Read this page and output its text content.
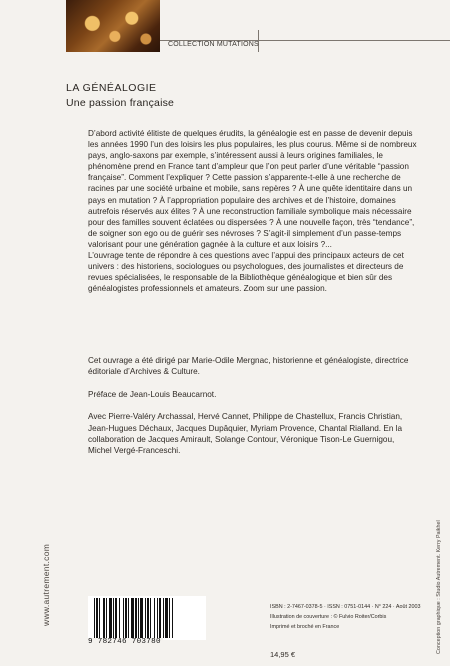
COLLECTION MUTATIONS
LA GÉNÉALOGIE
Une passion française

D’abord activité élitiste de quelques érudits, la généalogie est en passe de devenir depuis les années 1990 l’un des loisirs les plus populaires, les plus courus. Même si de nombreux pays, anglo-saxons par exemple, s’intéressent aussi à leurs origines familiales, le phénomène prend en France tant d’ampleur que l’on peut parler d’une véritable “passion française”. Comment l’expliquer ? Cette passion s’apparente-t-elle à une recherche de racines par une société urbaine et mobile, sans repères ? À une quête identitaire dans un pays en mutation ? À l’appropriation populaire des archives et de l’histoire, domaines autrefois réservés aux élites ? À une reconstruction familiale symbolique mais nécessaire pour des familles souvent éclatées ou dispersées ? À une nouvelle façon, très “tendance”, de soigner son ego ou de guérir ses névroses ? S’agit-il simplement d’un passe-temps valorisant pour une génération gagnée à la culture et aux loisirs ?...

L’ouvrage tente de répondre à ces questions avec l’appui des principaux acteurs de cet univers : des historiens, sociologues ou psychologues, des journalistes et directeurs de revues spécialisées, le responsable de la Bibliothèque généalogique et bien sûr des généalogistes professionnels et amateurs. Zoom sur une passion.

Cet ouvrage a été dirigé par Marie-Odile Mergnac, historienne et généalogiste, directrice éditoriale d’Archives & Culture.

Préface de Jean-Louis Beaucarnot.

Avec Pierre-Valéry Archassal, Hervé Cannet, Philippe de Chastellux, Francis Christian, Jean-Hugues Déchaux, Jacques Dupâquier, Myriam Provence, Chantal Rialland. En la collaboration de Jacques Amirault, Solange Contour, Véronique Tison-Le Guernigou, Michel Vergé-Franceschi.

www.autrement.com	Conception graphique : Studio Autrement. Kerry Paikhel
9 782746 703780
ISBN : 2-7467-0378-5 · ISSN : 0751-0144 · N° 224 · Août 2003
Illustration de couverture : © Fulvio Roiter/Corbis
Imprimé et broché en France
14,95 €
